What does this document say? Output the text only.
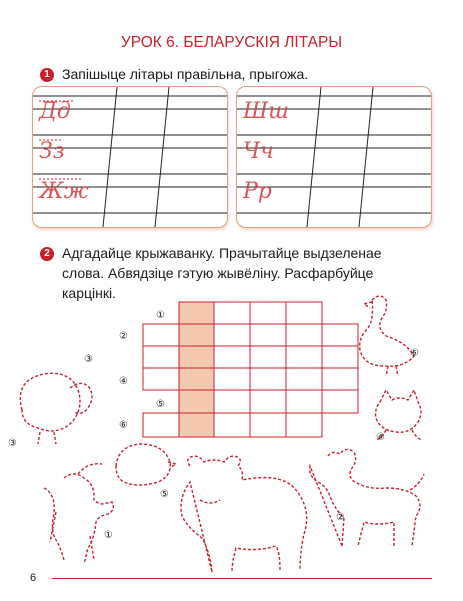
УРОК 6. БЕЛАРУСКІЯ ЛІТАРЫ
1 Запішыце літары правільна, прыгожа.
Дд
Зз
Жж
Шш
Чч
Рр
2 Адгадайце крыжаванку. Прачытайце выдзеленае
слова. Абвядзіце гэтую жывёліну. Расфарбуйце
карцінкі.
①
②
③
④
⑤
⑥
⑥
③
④
⑤
①
②
6
